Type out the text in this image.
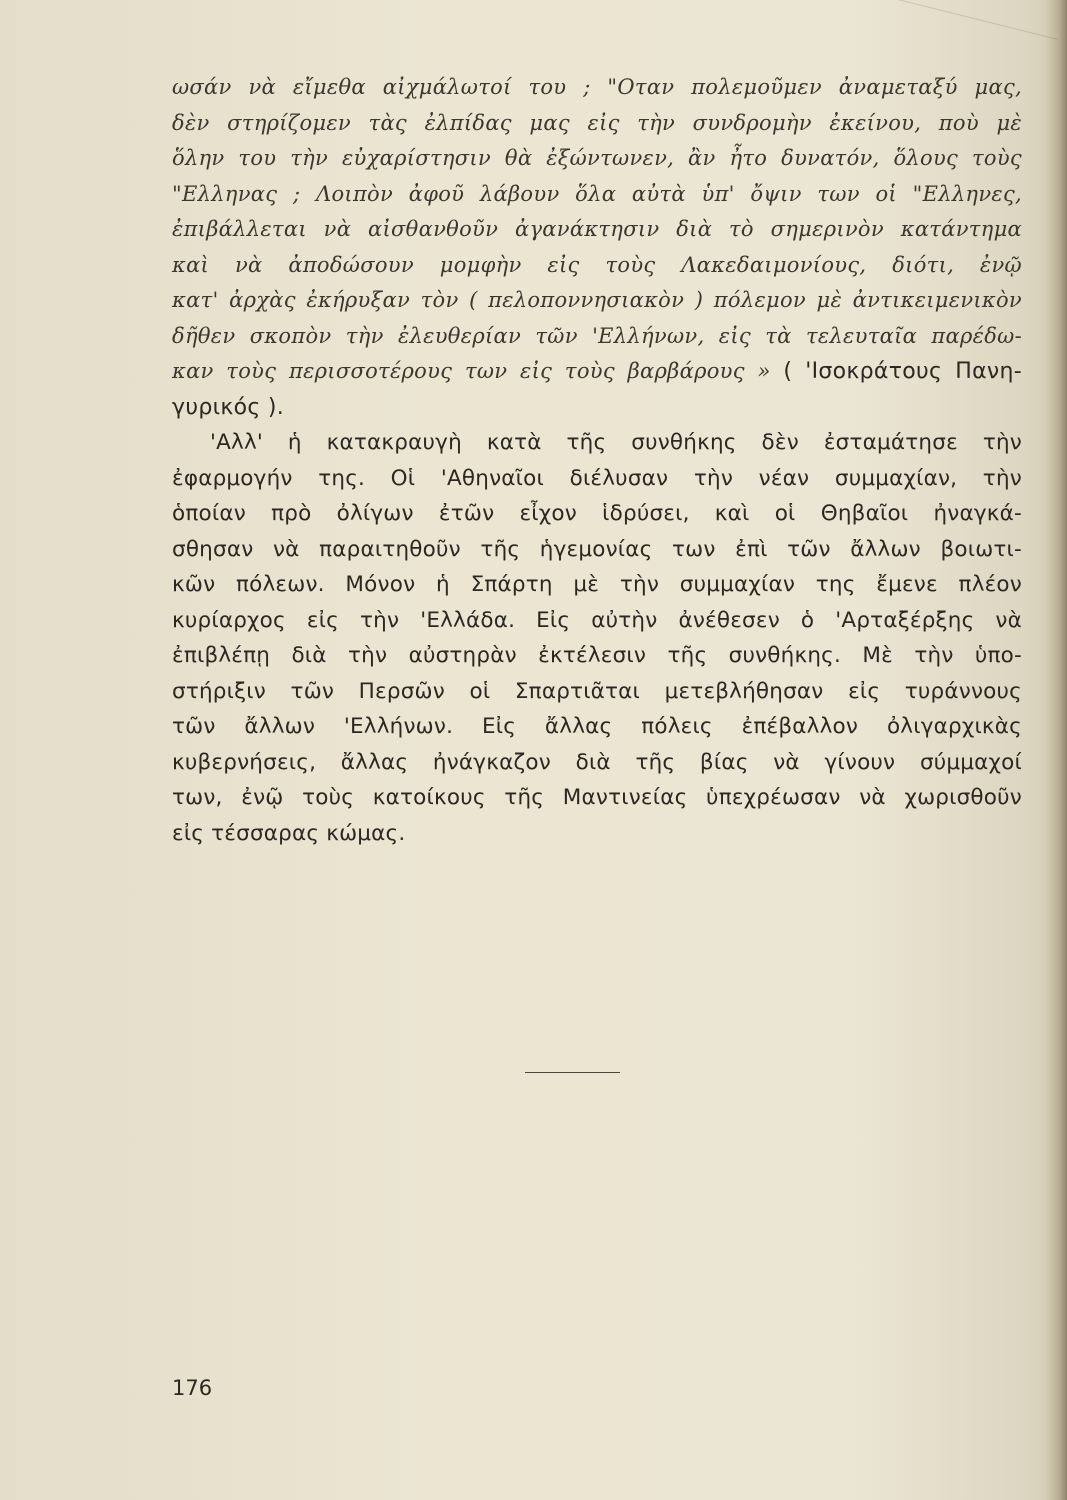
ωσάν νὰ εἴμεθα αἰχμάλωτοί του ; "Οταν πολεμοῦμεν ἀναμεταξύ μας,
δὲν στηρίζομεν τὰς ἐλπίδας μας εἰς τὴν συνδρομὴν ἐκείνου, ποὺ μὲ
ὅλην του τὴν εὐχαρίστησιν θὰ ἐξώντωνεν, ἂν ἦτο δυνατόν, ὅλους τοὺς
"Ελληνας ; Λοιπὸν ἀφοῦ λάβουν ὅλα αὐτὰ ὑπ' ὄψιν των οἱ "Ελληνες,
ἐπιβάλλεται νὰ αἰσθανθοῦν ἀγανάκτησιν διὰ τὸ σημερινὸν κατάντημα
καὶ νὰ ἀποδώσουν μομφὴν εἰς τοὺς Λακεδαιμονίους, διότι, ἐνῷ
κατ' ἀρχὰς ἐκήρυξαν τὸν ( πελοποννησιακὸν ) πόλεμον μὲ ἀντικειμενικὸν
δῆθεν σκοπὸν τὴν ἐλευθερίαν τῶν 'Ελλήνων, εἰς τὰ τελευταῖα παρέδω-
καν τοὺς περισσοτέρους των εἰς τοὺς βαρβάρους » ( 'Ισοκράτους Πανη-
γυρικός ).
'Αλλ' ἡ κατακραυγὴ κατὰ τῆς συνθήκης δὲν ἐσταμάτησε τὴν
ἐφαρμογήν της. Οἱ 'Αθηναῖοι διέλυσαν τὴν νέαν συμμαχίαν, τὴν
ὁποίαν πρὸ ὀλίγων ἐτῶν εἶχον ἱδρύσει, καὶ οἱ Θηβαῖοι ἠναγκά-
σθησαν νὰ παραιτηθοῦν τῆς ἡγεμονίας των ἐπὶ τῶν ἄλλων βοιωτι-
κῶν πόλεων. Μόνον ἡ Σπάρτη μὲ τὴν συμμαχίαν της ἔμενε πλέον
κυρίαρχος εἰς τὴν 'Ελλάδα. Εἰς αὐτὴν ἀνέθεσεν ὁ 'Αρταξέρξης νὰ
ἐπιβλέπῃ διὰ τὴν αὐστηρὰν ἐκτέλεσιν τῆς συνθήκης. Μὲ τὴν ὑπο-
στήριξιν τῶν Περσῶν οἱ Σπαρτιᾶται μετεβλήθησαν εἰς τυράννους
τῶν ἄλλων 'Ελλήνων. Εἰς ἄλλας πόλεις ἐπέβαλλον ὀλιγαρχικὰς
κυβερνήσεις, ἄλλας ἠνάγκαζον διὰ τῆς βίας νὰ γίνουν σύμμαχοί
των, ἐνῷ τοὺς κατοίκους τῆς Μαντινείας ὑπεχρέωσαν νὰ χωρισθοῦν
εἰς τέσσαρας κώμας.
176
